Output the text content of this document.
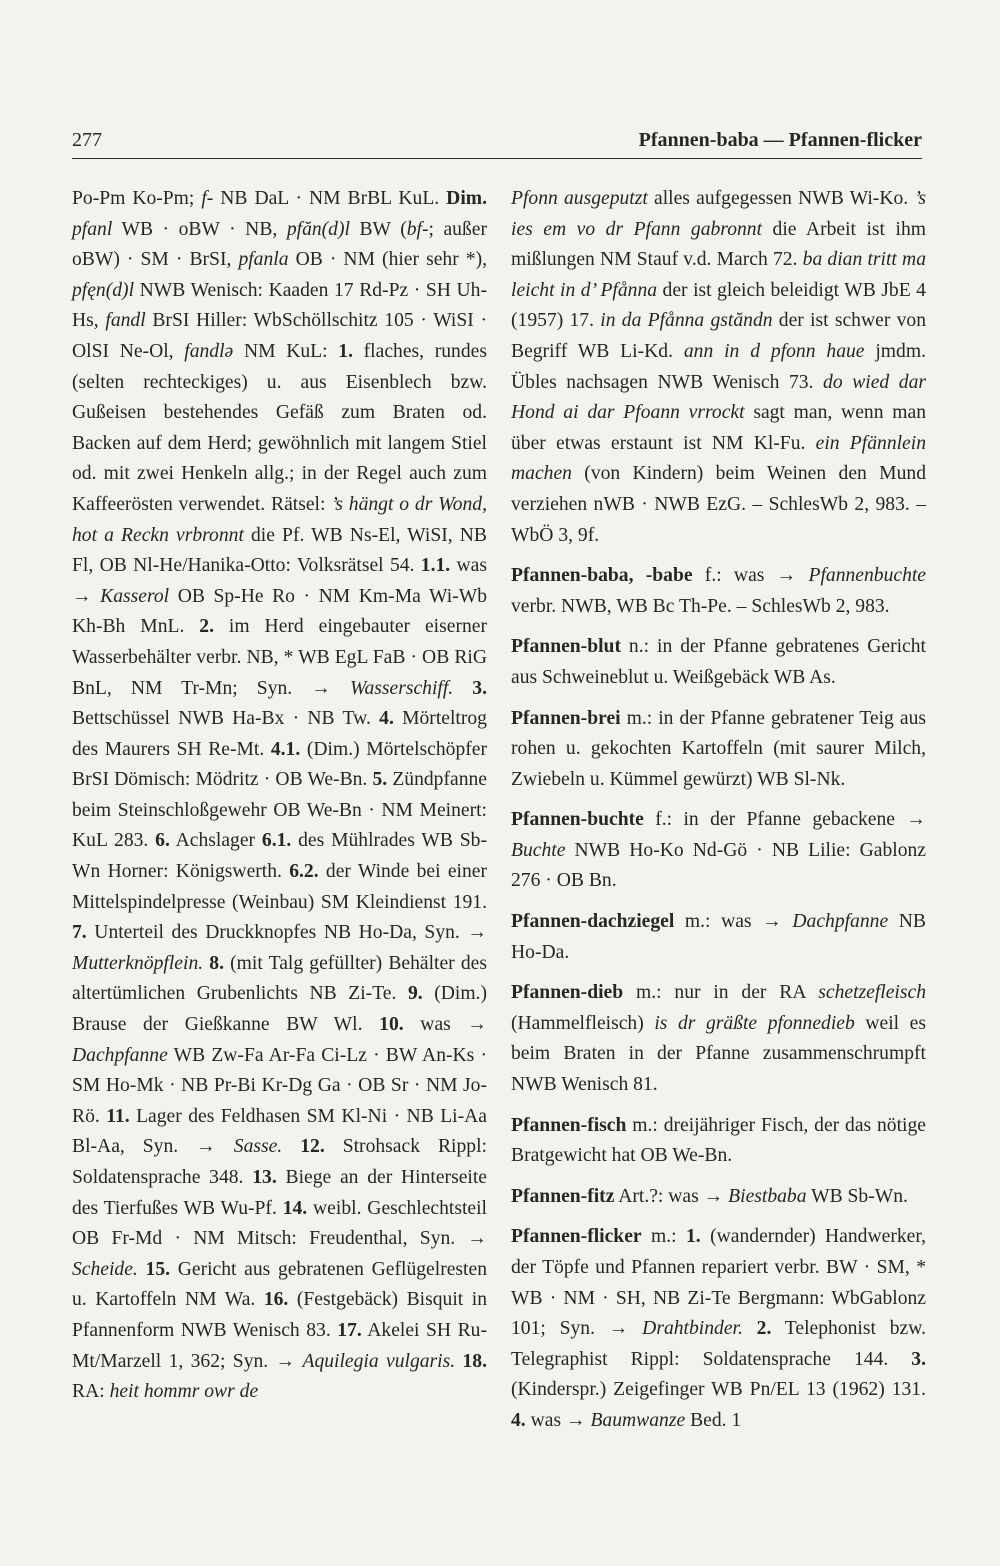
277	Pfannen-baba — Pfannen-flicker

Po-Pm Ko-Pm; f- NB DaL · NM BrBL KuL. Dim. pfanl WB · oBW · NB, pfăn(d)l BW (bf-; außer oBW) · SM · BrSI, pfanla OB · NM (hier sehr *), pfęn(d)l NWB Wenisch: Kaaden 17 Rd-Pz · SH Uh-Hs, fandl BrSI Hiller: WbSchöllschitz 105 · WiSI · OlSI Ne-Ol, fandlə NM KuL: 1. flaches, rundes (selten rechteckiges) u. aus Eisenblech bzw. Gußeisen bestehendes Gefäß zum Braten od. Backen auf dem Herd; gewöhnlich mit langem Stiel od. mit zwei Henkeln allg.; in der Regel auch zum Kaffeerösten verwendet. Rätsel: ’s hängt o dr Wond, hot a Reckn vrbronnt die Pf. WB Ns-El, WiSI, NB Fl, OB Nl-He/Hanika-Otto: Volksrätsel 54. 1.1. was → Kasserol OB Sp-He Ro · NM Km-Ma Wi-Wb Kh-Bh MnL. 2. im Herd eingebauter eiserner Wasserbehälter verbr. NB, * WB EgL FaB · OB RiG BnL, NM Tr-Mn; Syn. → Wasserschiff. 3. Bettschüssel NWB Ha-Bx · NB Tw. 4. Mörteltrog des Maurers SH Re-Mt. 4.1. (Dim.) Mörtelschöpfer BrSI Dömisch: Mödritz · OB We-Bn. 5. Zündpfanne beim Steinschloßgewehr OB We-Bn · NM Meinert: KuL 283. 6. Achslager 6.1. des Mühlrades WB Sb-Wn Horner: Königswerth. 6.2. der Winde bei einer Mittelspindelpresse (Weinbau) SM Kleindienst 191. 7. Unterteil des Druckknopfes NB Ho-Da, Syn. → Mutterknöpflein. 8. (mit Talg gefüllter) Behälter des altertümlichen Grubenlichts NB Zi-Te. 9. (Dim.) Brause der Gießkanne BW Wl. 10. was → Dachpfanne WB Zw-Fa Ar-Fa Ci-Lz · BW An-Ks · SM Ho-Mk · NB Pr-Bi Kr-Dg Ga · OB Sr · NM Jo-Rö. 11. Lager des Feldhasen SM Kl-Ni · NB Li-Aa Bl-Aa, Syn. → Sasse. 12. Strohsack Rippl: Soldatensprache 348. 13. Biege an der Hinterseite des Tierfußes WB Wu-Pf. 14. weibl. Geschlechtsteil OB Fr-Md · NM Mitsch: Freudenthal, Syn. → Scheide. 15. Gericht aus gebratenen Geflügelresten u. Kartoffeln NM Wa. 16. (Festgebäck) Bisquit in Pfannenform NWB Wenisch 83. 17. Akelei SH Ru-Mt/Marzell 1, 362; Syn. → Aquilegia vulgaris. 18. RA: heit hommr owr de

Pfonn ausgeputzt alles aufgegessen NWB Wi-Ko. ’s ies em vo dr Pfann gabronnt die Arbeit ist ihm mißlungen NM Stauf v.d. March 72. ba dian tritt ma leicht in d’ Pfånna der ist gleich beleidigt WB JbE 4 (1957) 17. in da Pfånna gstăndn der ist schwer von Begriff WB Li-Kd. ann in d pfonn haue jmdm. Übles nachsagen NWB Wenisch 73. do wied dar Hond ai dar Pfoann vrrockt sagt man, wenn man über etwas erstaunt ist NM Kl-Fu. ein Pfännlein machen (von Kindern) beim Weinen den Mund verziehen nWB · NWB EzG. – SchlesWb 2, 983. – WbÖ 3, 9f.

Pfannen-baba, -babe f.: was → Pfannenbuchte verbr. NWB, WB Bc Th-Pe. – SchlesWb 2, 983.

Pfannen-blut n.: in der Pfanne gebratenes Gericht aus Schweineblut u. Weißgebäck WB As.

Pfannen-brei m.: in der Pfanne gebratener Teig aus rohen u. gekochten Kartoffeln (mit saurer Milch, Zwiebeln u. Kümmel gewürzt) WB Sl-Nk.

Pfannen-buchte f.: in der Pfanne gebackene → Buchte NWB Ho-Ko Nd-Gö · NB Lilie: Gablonz 276 · OB Bn.

Pfannen-dachziegel m.: was → Dachpfanne NB Ho-Da.

Pfannen-dieb m.: nur in der RA schetzefleisch (Hammelfleisch) is dr gräßte pfonnedieb weil es beim Braten in der Pfanne zusammenschrumpft NWB Wenisch 81.

Pfannen-fisch m.: dreijähriger Fisch, der das nötige Bratgewicht hat OB We-Bn.

Pfannen-fitz Art.?: was → Biestbaba WB Sb-Wn.

Pfannen-flicker m.: 1. (wandernder) Handwerker, der Töpfe und Pfannen repariert verbr. BW · SM, * WB · NM · SH, NB Zi-Te Bergmann: WbGablonz 101; Syn. → Drahtbinder. 2. Telephonist bzw. Telegraphist Rippl: Soldatensprache 144. 3. (Kinderspr.) Zeigefinger WB Pn/EL 13 (1962) 131. 4. was → Baumwanze Bed. 1
